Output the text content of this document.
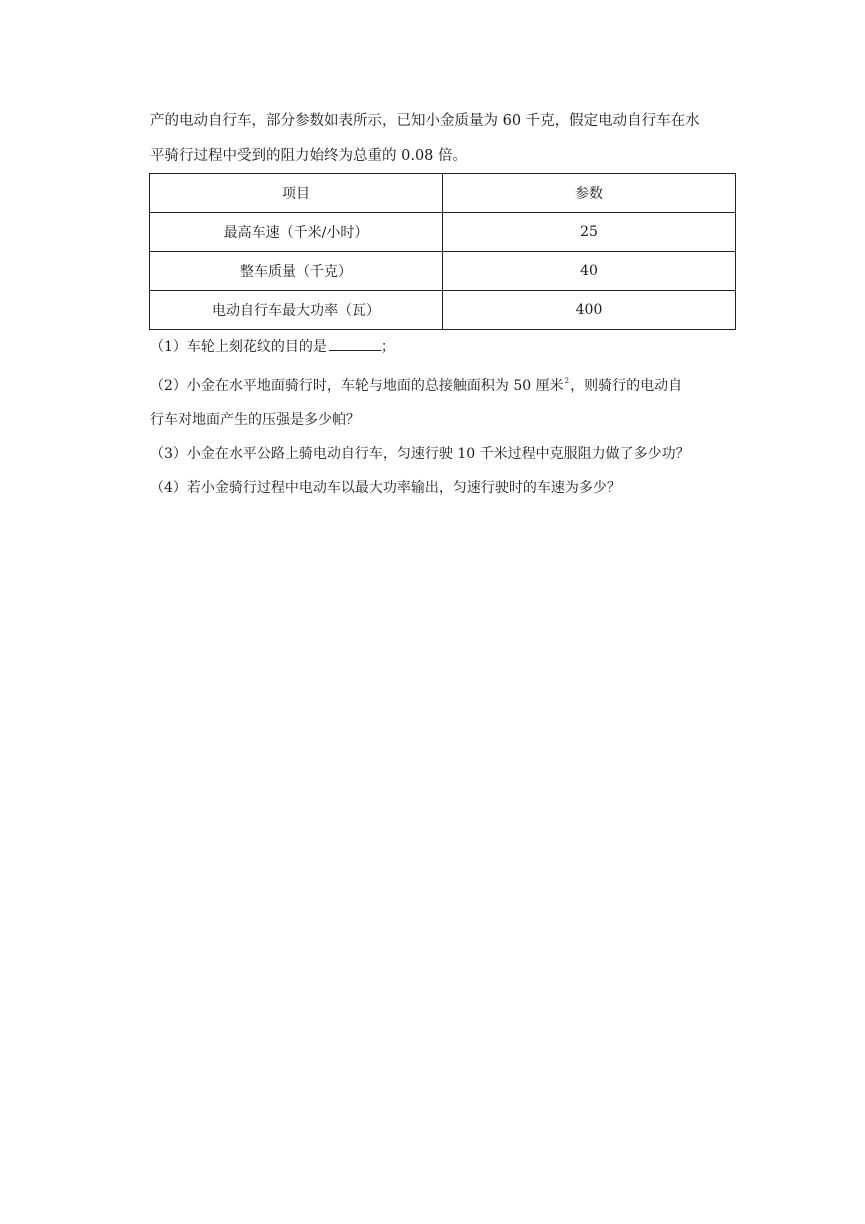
产的电动自行车，部分参数如表所示，已知小金质量为 60 千克，假定电动自行车在水

平骑行过程中受到的阻力始终为总重的 0.08 倍。

项目	参数
最高车速（千米/小时）	25
整车质量（千克）	40
电动自行车最大功率（瓦）	400

（1）车轮上刻花纹的目的是	；

（2）小金在水平地面骑行时，车轮与地面的总接触面积为 50 厘米$^2$，则骑行的电动自

行车对地面产生的压强是多少帕？

（3）小金在水平公路上骑电动自行车，匀速行驶 10 千米过程中克服阻力做了多少功？

（4）若小金骑行过程中电动车以最大功率输出，匀速行驶时的车速为多少？
